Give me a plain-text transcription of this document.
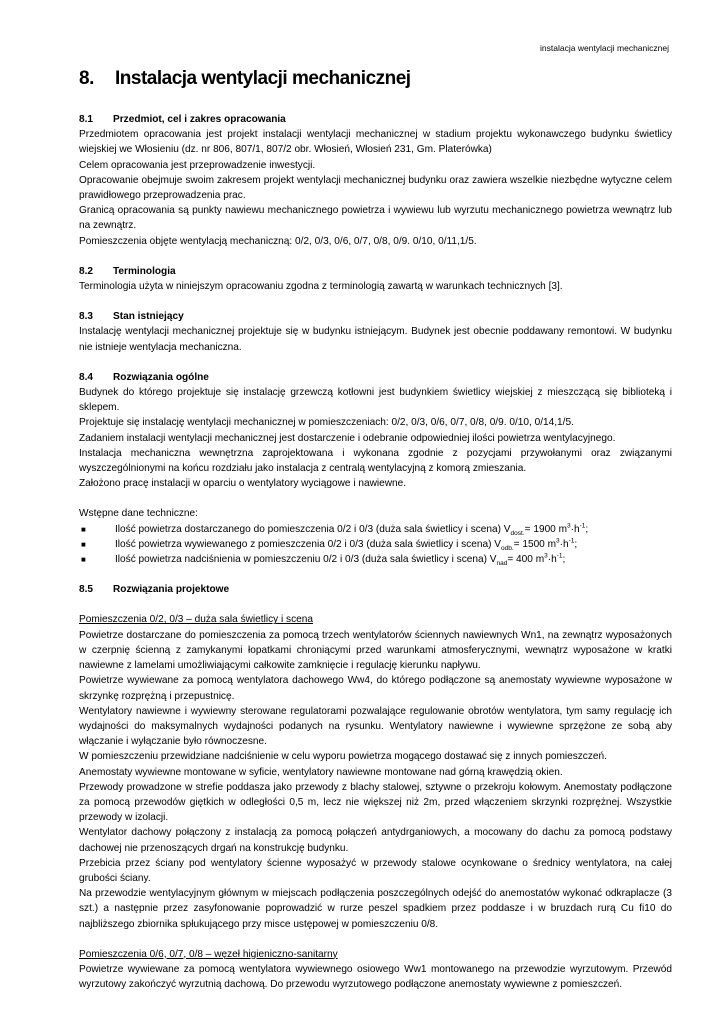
instalacja wentylacji mechanicznej
8. Instalacja wentylacji mechanicznej
8.1 Przedmiot, cel i zakres opracowania

Przedmiotem opracowania jest projekt instalacji wentylacji mechanicznej w stadium projektu wykonawczego budynku świetlicy wiejskiej we Włosieniu (dz. nr 806, 807/1, 807/2 obr. Włosień, Włosień 231, Gm. Platerówka)

Celem opracowania jest przeprowadzenie inwestycji.

Opracowanie obejmuje swoim zakresem projekt wentylacji mechanicznej budynku oraz zawiera wszelkie niezbędne wytyczne celem prawidłowego przeprowadzenia prac.

Granicą opracowania są punkty nawiewu mechanicznego powietrza i wywiewu lub wyrzutu mechanicznego powietrza wewnątrz lub na zewnątrz.

Pomieszczenia objęte wentylacją mechaniczną: 0/2, 0/3, 0/6, 0/7, 0/8, 0/9. 0/10, 0/11,1/5.

8.2 Terminologia

Terminologia użyta w niniejszym opracowaniu zgodna z terminologią zawartą w warunkach technicznych [3].

8.3 Stan istniejący

Instalację wentylacji mechanicznej projektuje się w budynku istniejącym. Budynek jest obecnie poddawany remontowi. W budynku nie istnieje wentylacja mechaniczna.

8.4 Rozwiązania ogólne

Budynek do którego projektuje się instalację grzewczą kotłowni jest budynkiem świetlicy wiejskiej z mieszczącą się biblioteką i sklepem.

Projektuje się instalację wentylacji mechanicznej w pomieszczeniach: 0/2, 0/3, 0/6, 0/7, 0/8, 0/9. 0/10, 0/14,1/5.

Zadaniem instalacji wentylacji mechanicznej jest dostarczenie i odebranie odpowiedniej ilości powietrza wentylacyjnego.

Instalacja mechaniczna wewnętrzna zaprojektowana i wykonana zgodnie z pozycjami przywołanymi oraz związanymi wyszczególnionymi na końcu rozdziału jako instalacja z centralą wentylacyjną z komorą zmieszania.

Założono pracę instalacji w oparciu o wentylatory wyciągowe i nawiewne.

Wstępne dane techniczne:

■	Ilość powietrza dostarczanego do pomieszczenia 0/2 i 0/3 (duża sala świetlicy i scena) $V_{dost.}= 1900$ $m^3\cdot h^{-1}$;
■	Ilość powietrza wywiewanego z pomieszczenia 0/2 i 0/3 (duża sala świetlicy i scena) $V_{odb.}= 1500$ $m^3\cdot h^{-1}$;
■	Ilość powietrza nadciśnienia w pomieszczeniu 0/2 i 0/3 (duża sala świetlicy i scena) $V_{nad}= 400$ $m^3\cdot h^{-1}$;
8.5 Rozwiązania projektowe
Pomieszczenia 0/2, 0/3 – duża sala świetlicy i scena

Powietrze dostarczane do pomieszczenia za pomocą trzech wentylatorów ściennych nawiewnych Wn1, na zewnątrz wyposażonych w czerpnię ścienną z zamykanymi łopatkami chroniącymi przed warunkami atmosferycznymi, wewnątrz wyposażone w kratki nawiewne z lamelami umożliwiającymi całkowite zamknięcie i regulację kierunku napływu.

Powietrze wywiewane za pomocą wentylatora dachowego Ww4, do którego podłączone są anemostaty wywiewne wyposażone w skrzynkę rozprężną i przepustnicę.

Wentylatory nawiewne i wywiewny sterowane regulatorami pozwalające regulowanie obrotów wentylatora, tym samy regulację ich wydajności do maksymalnych wydajności podanych na rysunku. Wentylatory nawiewne i wywiewne sprzężone ze sobą aby włączanie i wyłączanie było równoczesne.

W pomieszczeniu przewidziane nadciśnienie w celu wyporu powietrza mogącego dostawać się z innych pomieszczeń.

Anemostaty wywiewne montowane w syficie, wentylatory nawiewne montowane nad górną krawędzią okien.

Przewody prowadzone w strefie poddasza jako przewody z blachy stalowej, sztywne o przekroju kołowym. Anemostaty podłączone za pomocą przewodów giętkich w odległości 0,5 m, lecz nie większej niż 2m, przed włączeniem skrzynki rozprężnej. Wszystkie przewody w izolacji.

Wentylator dachowy połączony z instalacją za pomocą połączeń antydrganiowych, a mocowany do dachu za pomocą podstawy dachowej nie przenoszących drgań na konstrukcję budynku.

Przebicia przez ściany pod wentylatory ścienne wyposażyć w przewody stalowe ocynkowane o średnicy wentylatora, na całej grubości ściany.

Na przewodzie wentylacyjnym głównym w miejscach podłączenia poszczególnych odejść do anemostatów wykonać odkraplacze (3 szt.) a następnie przez zasyfonowanie poprowadzić w rurze peszel spadkiem przez poddasze i w bruzdach rurą Cu fi10 do najbliższego zbiornika spłukującego przy misce ustępowej w pomieszczeniu 0/8.

Pomieszczenia 0/6, 0/7, 0/8 – węzeł higieniczno-sanitarny

Powietrze wywiewane za pomocą wentylatora wywiewnego osiowego Ww1 montowanego na przewodzie wyrzutowym. Przewód wyrzutowy zakończyć wyrzutnią dachową. Do przewodu wyrzutowego podłączone anemostaty wywiewne z pomieszczeń.
